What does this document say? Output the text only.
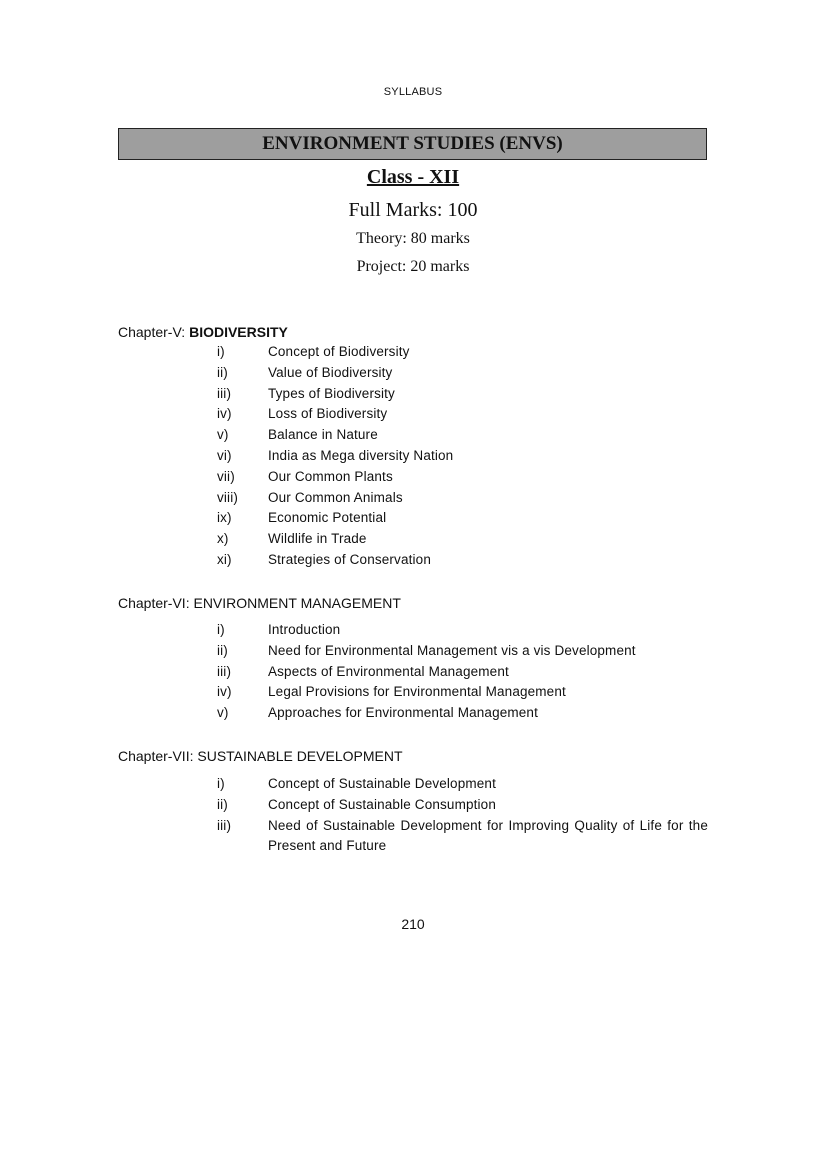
SYLLABUS
ENVIRONMENT STUDIES (ENVS)
Class - XII
Full Marks: 100
Theory: 80 marks
Project: 20 marks
Chapter-V: BIODIVERSITY
i)	Concept of Biodiversity
ii)	Value of Biodiversity
iii)	Types of Biodiversity
iv)	Loss of Biodiversity
v)	Balance in Nature
vi)	India as Mega diversity Nation
vii) Our Common Plants
viii) Our Common Animals
ix)	Economic Potential
x)	Wildlife in Trade
xi)	Strategies of Conservation
Chapter-VI: ENVIRONMENT MANAGEMENT
i)	Introduction
ii)	Need for Environmental Management vis a vis Development
iii)	Aspects of Environmental Management
iv)	Legal Provisions for Environmental Management
v)	Approaches for Environmental Management
Chapter-VII: SUSTAINABLE DEVELOPMENT
i)	Concept of Sustainable Development
ii)	Concept of Sustainable Consumption
iii)	Need of Sustainable Development for Improving Quality of Life for the Present and Future
210
